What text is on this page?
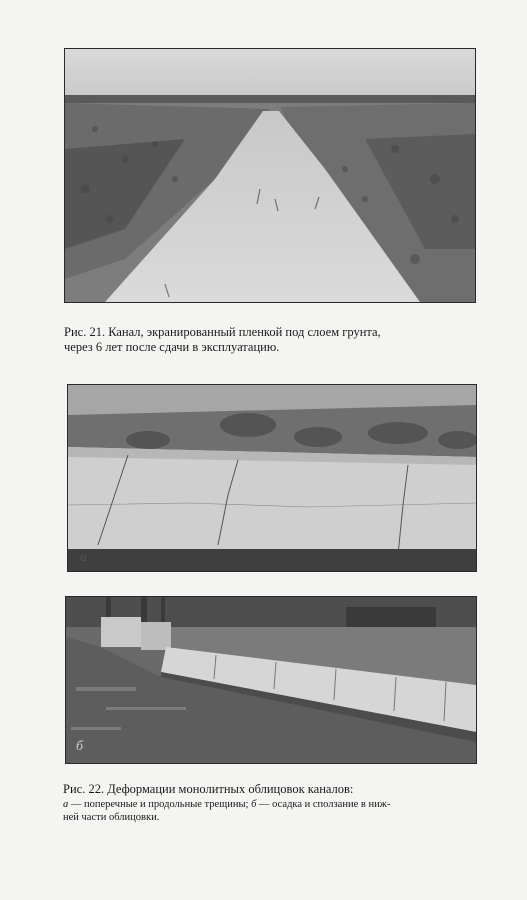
Рис. 21. Канал, экранированный пленкой под слоем грунта,

через 6 лет после сдачи в эксплуатацию.

а
б

Рис. 22. Деформации монолитных облицовок каналов:

а — поперечные и продольные трещины; б — осадка и сползание в ниж-
ней части облицовки.
